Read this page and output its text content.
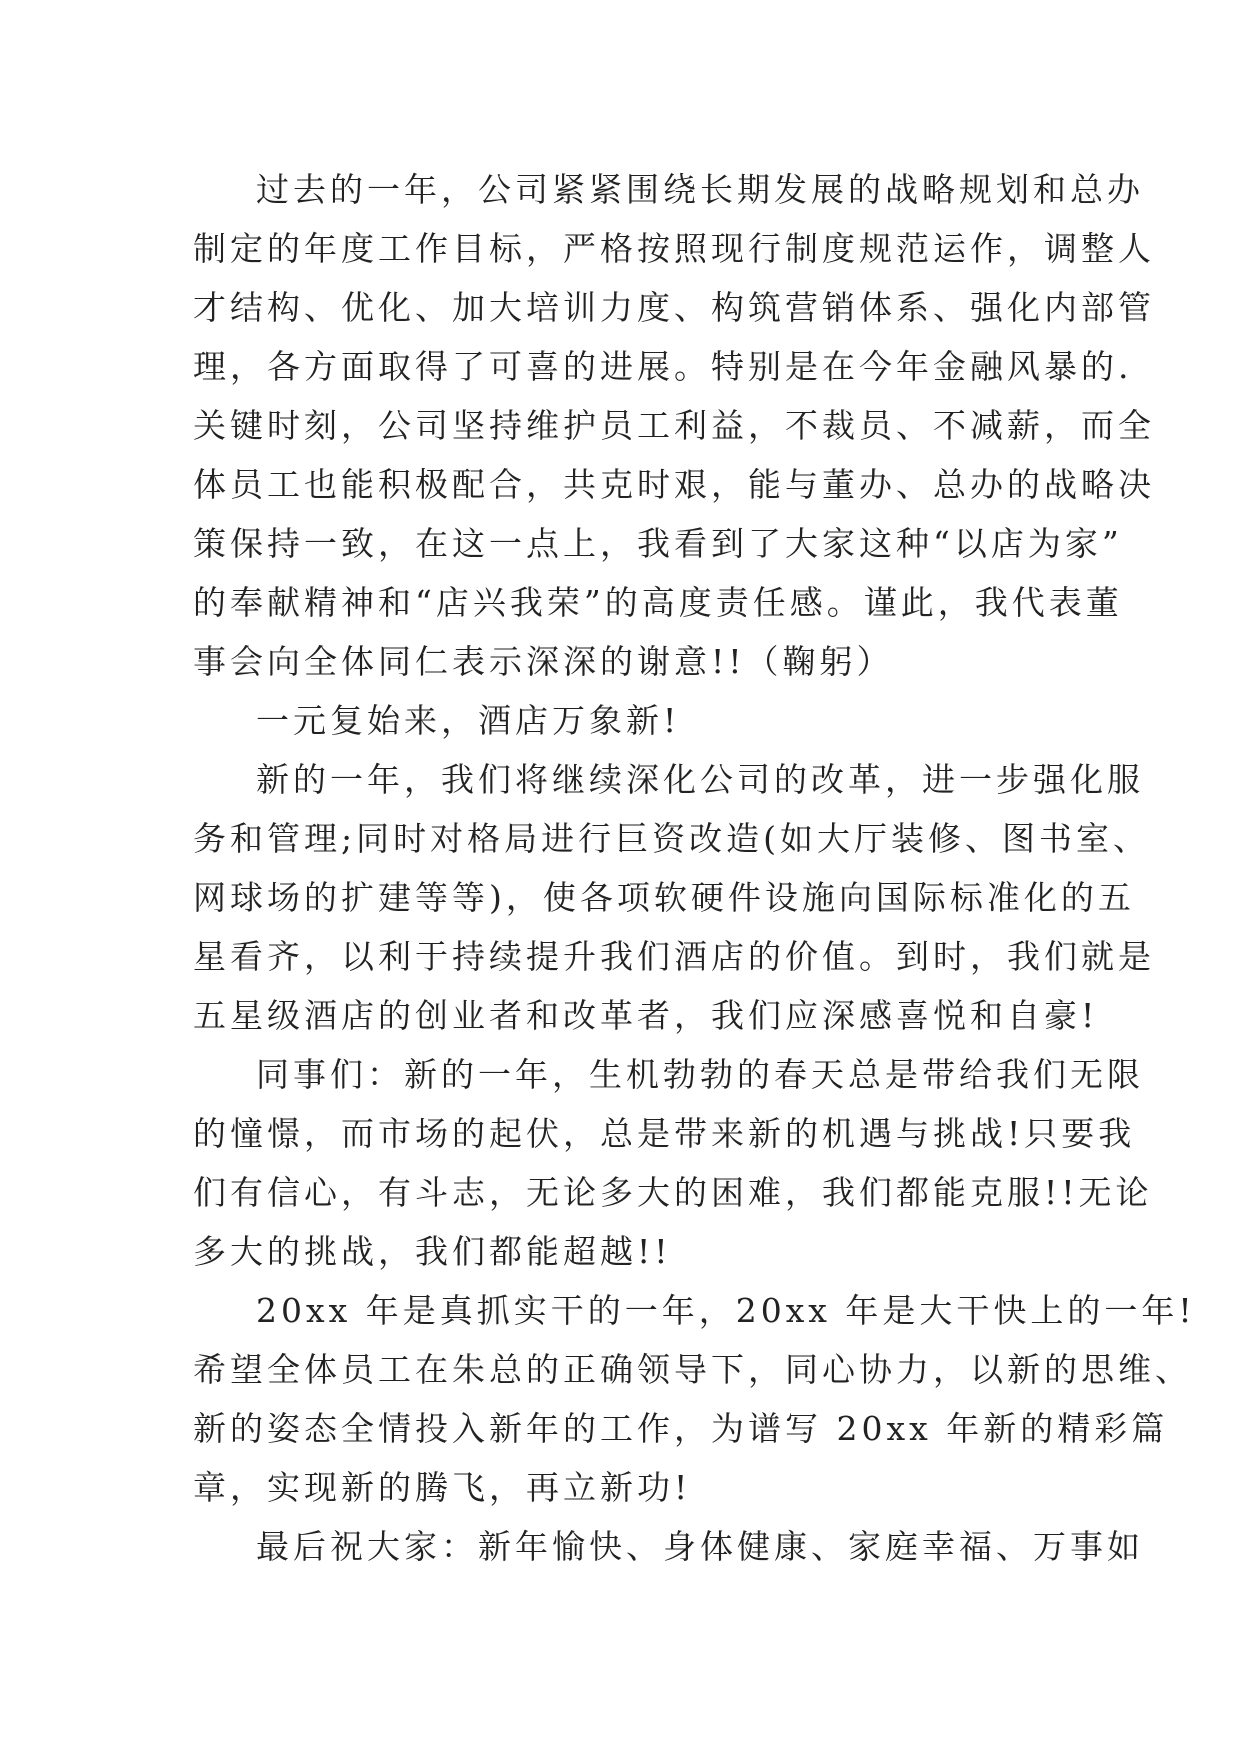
过去的一年，公司紧紧围绕长期发展的战略规划和总办
制定的年度工作目标，严格按照现行制度规范运作，调整人
才结构、优化、加大培训力度、构筑营销体系、强化内部管
理，各方面取得了可喜的进展。特别是在今年金融风暴的.
关键时刻，公司坚持维护员工利益，不裁员、不减薪，而全
体员工也能积极配合，共克时艰，能与董办、总办的战略决
策保持一致，在这一点上，我看到了大家这种“以店为家”
的奉献精神和“店兴我荣”的高度责任感。谨此，我代表董
事会向全体同仁表示深深的谢意!!（鞠躬）
一元复始来，酒店万象新!
新的一年，我们将继续深化公司的改革，进一步强化服
务和管理;同时对格局进行巨资改造(如大厅装修、图书室、
网球场的扩建等等)，使各项软硬件设施向国际标准化的五
星看齐，以利于持续提升我们酒店的价值。到时，我们就是
五星级酒店的创业者和改革者，我们应深感喜悦和自豪!
同事们：新的一年，生机勃勃的春天总是带给我们无限
的憧憬，而市场的起伏，总是带来新的机遇与挑战!只要我
们有信心，有斗志，无论多大的困难，我们都能克服!!无论
多大的挑战，我们都能超越!!
20xx 年是真抓实干的一年，20xx 年是大干快上的一年!
希望全体员工在朱总的正确领导下，同心协力，以新的思维、
新的姿态全情投入新年的工作，为谱写 20xx 年新的精彩篇
章，实现新的腾飞，再立新功!
最后祝大家：新年愉快、身体健康、家庭幸福、万事如
